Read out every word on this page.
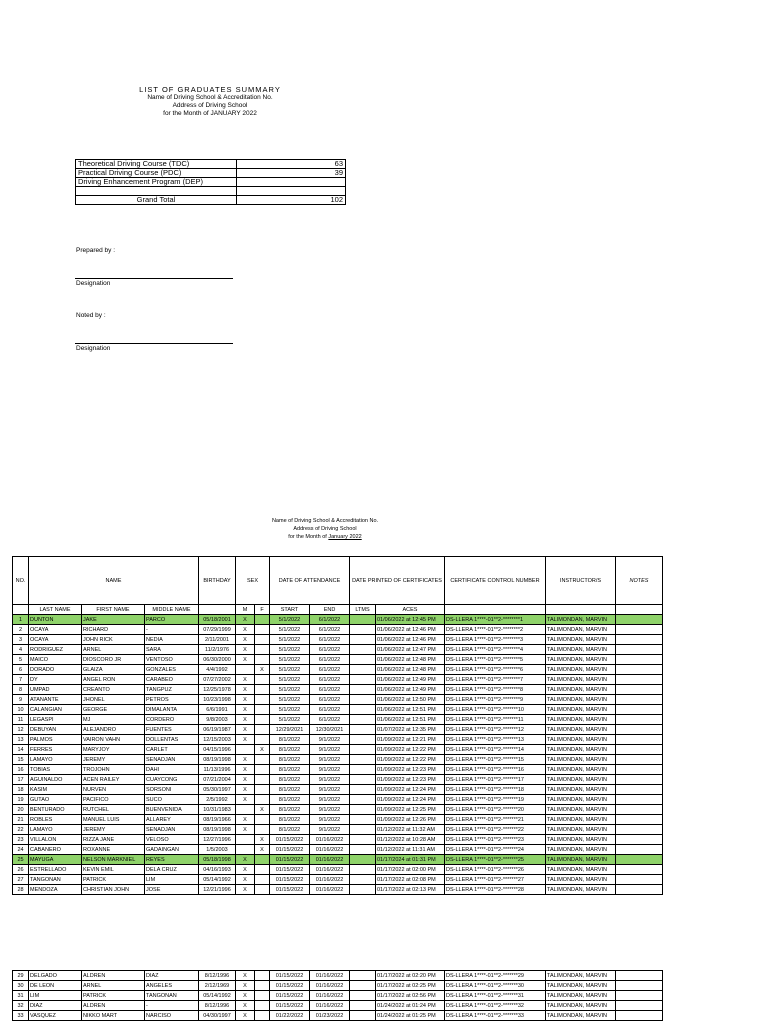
LIST OF GRADUATES SUMMARY
Name of Driving School & Accreditation No.
Address of Driving School
for the Month of JANUARY 2022
Theoretical Driving Course (TDC)	63
Practical Driving Course (PDC)	39
Driving Enhancement Program (DEP)	

Grand Total	102
Prepared by :
Designation
Noted by :
Designation
Name of Driving School & Accreditation No.
Address of Driving School
for the Month of January 2022
NO.	NAME			BIRTHDAY	SEX		DATE OF ATTENDANCE		DATE PRINTED OF CERTIFICATES		CERTIFICATE CONTROL NUMBER	INSTRUCTOR/S	NOTES
	LAST NAME	FIRST NAME	MIDDLE NAME		M	F	START	END	LTMS	ACES			
1	DUNTON	JAKE	PARCO	05/18/2001	X		5/1/2022	6/1/2022		01/06/2022 at 12:45 PM	DS-LLERA 1****-01**2-********1	TALIMONDAN, MARVIN	
2	OCAYA	RICHARD	-	07/29/1999	X		5/1/2022	6/1/2022		01/06/2022 at 12:46 PM	DS-LLERA 1****-01**2-********2	TALIMONDAN, MARVIN	
3	OCAYA	JOHN RICK	NEDIA	2/11/2001	X		5/1/2022	6/1/2022		01/06/2022 at 12:46 PM	DS-LLERA 1****-01**2-********3	TALIMONDAN, MARVIN	
4	RODRIGUEZ	ARNEL	SARA	11/2/1976	X		5/1/2022	6/1/2022		01/06/2022 at 12:47 PM	DS-LLERA 1****-01**2-********4	TALIMONDAN, MARVIN	
5	MAICO	DIOSCORO JR	VENTOSO	06/30/2000	X		5/1/2022	6/1/2022		01/06/2022 at 12:48 PM	DS-LLERA 1****-01**2-********5	TALIMONDAN, MARVIN	
6	DORADO	GLAIZA	GONZALES	4/4/1992		X	5/1/2022	6/1/2022		01/06/2022 at 12:48 PM	DS-LLERA 1****-01**2-********6	TALIMONDAN, MARVIN	
7	DY	ANGEL RON	CARABEO	07/27/2002	X		5/1/2022	6/1/2022		01/06/2022 at 12:49 PM	DS-LLERA 1****-01**2-********7	TALIMONDAN, MARVIN	
8	UMPAD	CREANTO	TANGPUZ	12/25/1978	X		5/1/2022	6/1/2022		01/06/2022 at 12:49 PM	DS-LLERA 1****-01**2-********8	TALIMONDAN, MARVIN	
9	ATANANTE	JHONEL	PETROS	10/23/1998	X		5/1/2022	6/1/2022		01/06/2022 at 12:50 PM	DS-LLERA 1****-01**2-********9	TALIMONDAN, MARVIN	
10	CALANGIAN	GEORGE	DIMALANTA	6/6/1991	X		5/1/2022	6/1/2022		01/06/2022 at 12:51 PM	DS-LLERA 1****-01**2-*******10	TALIMONDAN, MARVIN	
11	LEGASPI	MJ	CORDERO	9/8/2003	X		5/1/2022	6/1/2022		01/06/2022 at 12:51 PM	DS-LLERA 1****-01**2-*******11	TALIMONDAN, MARVIN	
12	DEBUYAN	ALEJANDRO	FUENTES	06/19/1987	X		12/29/2021	12/30/2021		01/07/2022 at 12:35 PM	DS-LLERA 1****-01**2-*******12	TALIMONDAN, MARVIN	
13	PALMOS	VAIRON VAHN	DOLLENTAS	12/15/2003	X		8/1/2022	9/1/2022		01/09/2022 at 12:21 PM	DS-LLERA 1****-01**2-*******13	TALIMONDAN, MARVIN	
14	FERRES	MARYJOY	CARLET	04/15/1996		X	8/1/2022	9/1/2022		01/09/2022 at 12:22 PM	DS-LLERA 1****-01**2-*******14	TALIMONDAN, MARVIN	
15	LAMAYO	JEREMY	SENADJAN	08/19/1998	X		8/1/2022	9/1/2022		01/09/2022 at 12:22 PM	DS-LLERA 1****-01**2-*******15	TALIMONDAN, MARVIN	
16	TOBIAS	TROJOHN	DAHI	11/13/1996	X		8/1/2022	9/1/2022		01/09/2022 at 12:23 PM	DS-LLERA 1****-01**2-*******16	TALIMONDAN, MARVIN	
17	AGUINALDO	ACEN RAILEY	CUAYCONG	07/21/2004	X		8/1/2022	9/1/2022		01/09/2022 at 12:23 PM	DS-LLERA 1****-01**2-*******17	TALIMONDAN, MARVIN	
18	KASIM	NURVEN	SORSONI	05/30/1997	X		8/1/2022	9/1/2022		01/09/2022 at 12:24 PM	DS-LLERA 1****-01**2-*******18	TALIMONDAN, MARVIN	
19	GUTAO	PACIFICO	SUCO	2/5/1992	X		8/1/2022	9/1/2022		01/09/2022 at 12:24 PM	DS-LLERA 1****-01**2-*******19	TALIMONDAN, MARVIN	
20	BENTURADO	RUTCHEL	BUENVENIDA	10/31/1983		X	8/1/2022	9/1/2022		01/09/2022 at 12:25 PM	DS-LLERA 1****-01**2-*******20	TALIMONDAN, MARVIN	
21	ROBLES	MANUEL LUIS	ALLAREY	08/19/1966	X		8/1/2022	9/1/2022		01/09/2022 at 12:26 PM	DS-LLERA 1****-01**2-*******21	TALIMONDAN, MARVIN	
22	LAMAYO	JEREMY	SENADJAN	08/19/1998	X		8/1/2022	9/1/2022		01/12/2022 at 11:32 AM	DS-LLERA 1****-01**2-*******22	TALIMONDAN, MARVIN	
23	VILLALON	RIZZA JANE	VELOSO	12/27/1996		X	01/15/2022	01/16/2022		01/12/2022 at 10:28 AM	DS-LLERA 1****-01**2-*******23	TALIMONDAN, MARVIN	
24	CABANERO	ROXANNE	GADAINGAN	1/5/2003		X	01/15/2022	01/16/2022		01/12/2022 at 11:31 AM	DS-LLERA 1****-01**2-*******24	TALIMONDAN, MARVIN	
25	MAYUGA	NELSON MARKNIEL	REYES	05/18/1998	X		01/15/2022	01/16/2022		01/17/2024 at 01:31 PM	DS-LLERA 1****-01**2-*******25	TALIMONDAN, MARVIN	
26	ESTRELLADO	KEVIN EMIL	DELA CRUZ	04/16/1993	X		01/15/2022	01/16/2022		01/17/2022 at 02:00 PM	DS-LLERA 1****-01**2-*******26	TALIMONDAN, MARVIN	
27	TANGONAN	PATRICK	LIM	05/14/1992	X		01/15/2022	01/16/2022		01/17/2022 at 02:08 PM	DS-LLERA 1****-01**2-*******27	TALIMONDAN, MARVIN	
28	MENDOZA	CHRISTIAN JOHN	JOSE	12/21/1996	X		01/15/2022	01/16/2022		01/17/2022 at 02:13 PM	DS-LLERA 1****-01**2-*******28	TALIMONDAN, MARVIN	
29	DELGADO	ALDREN	DIAZ	8/12/1996	X		01/15/2022	01/16/2022		01/17/2022 at 02:20 PM	DS-LLERA 1****-01**2-*******29	TALIMONDAN, MARVIN	
30	DE LEON	ARNEL	ANGELES	2/12/1969	X		01/15/2022	01/16/2022		01/17/2022 at 02:25 PM	DS-LLERA 1****-01**2-*******30	TALIMONDAN, MARVIN	
31	LIM	PATRICK	TANGONAN	05/14/1992	X		01/15/2022	01/16/2022		01/17/2022 at 02:56 PM	DS-LLERA 1****-01**2-*******31	TALIMONDAN, MARVIN	
32	DIAZ	ALDREN	-	8/12/1996	X		01/15/2022	01/16/2022		01/24/2022 at 01:24 PM	DS-LLERA 1****-01**2-*******32	TALIMONDAN, MARVIN	
33	VASQUEZ	NIKKO MART	NARCISO	04/30/1997	X		01/22/2022	01/23/2022		01/24/2022 at 01:25 PM	DS-LLERA 1****-01**2-*******33	TALIMONDAN, MARVIN	
